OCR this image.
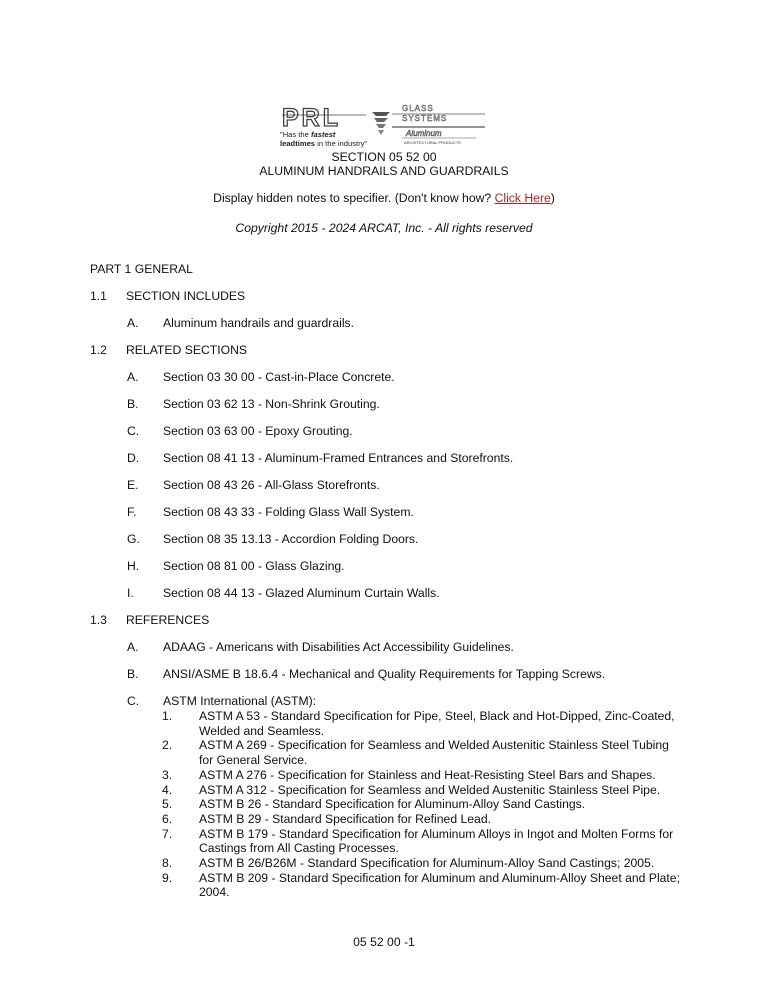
PRL	GLASS
SYSTEMS
Aluminum
ARCHITECTURAL PRODUCTS
"Has the fastest
leadtimes in the industry"
SECTION 05 52 00
ALUMINUM HANDRAILS AND GUARDRAILS
Display hidden notes to specifier. (Don't know how? Click Here)
Copyright 2015 - 2024 ARCAT, Inc. - All rights reserved
PART 1 GENERAL
1.1	SECTION INCLUDES
A.	Aluminum handrails and guardrails.
1.2	RELATED SECTIONS
A.	Section 03 30 00 - Cast-in-Place Concrete.
B.	Section 03 62 13 - Non-Shrink Grouting.
C.	Section 03 63 00 - Epoxy Grouting.
D.	Section 08 41 13 - Aluminum-Framed Entrances and Storefronts.
E.	Section 08 43 26 - All-Glass Storefronts.
F.	Section 08 43 33 - Folding Glass Wall System.
G.	Section 08 35 13.13 - Accordion Folding Doors.
H.	Section 08 81 00 - Glass Glazing.
I.	Section 08 44 13 - Glazed Aluminum Curtain Walls.
1.3	REFERENCES
A.	ADAAG - Americans with Disabilities Act Accessibility Guidelines.
B.	ANSI/ASME B 18.6.4 - Mechanical and Quality Requirements for Tapping Screws.
C.	ASTM International (ASTM):
1.	ASTM A 53 - Standard Specification for Pipe, Steel, Black and Hot-Dipped, Zinc-Coated, Welded and Seamless.
2.	ASTM A 269 - Specification for Seamless and Welded Austenitic Stainless Steel Tubing for General Service.
3.	ASTM A 276 - Specification for Stainless and Heat-Resisting Steel Bars and Shapes.
4.	ASTM A 312 - Specification for Seamless and Welded Austenitic Stainless Steel Pipe.
5.	ASTM B 26 - Standard Specification for Aluminum-Alloy Sand Castings.
6.	ASTM B 29 - Standard Specification for Refined Lead.
7.	ASTM B 179 - Standard Specification for Aluminum Alloys in Ingot and Molten Forms for Castings from All Casting Processes.
8.	ASTM B 26/B26M - Standard Specification for Aluminum-Alloy Sand Castings; 2005.
9.	ASTM B 209 - Standard Specification for Aluminum and Aluminum-Alloy Sheet and Plate; 2004.
05 52 00 -1
